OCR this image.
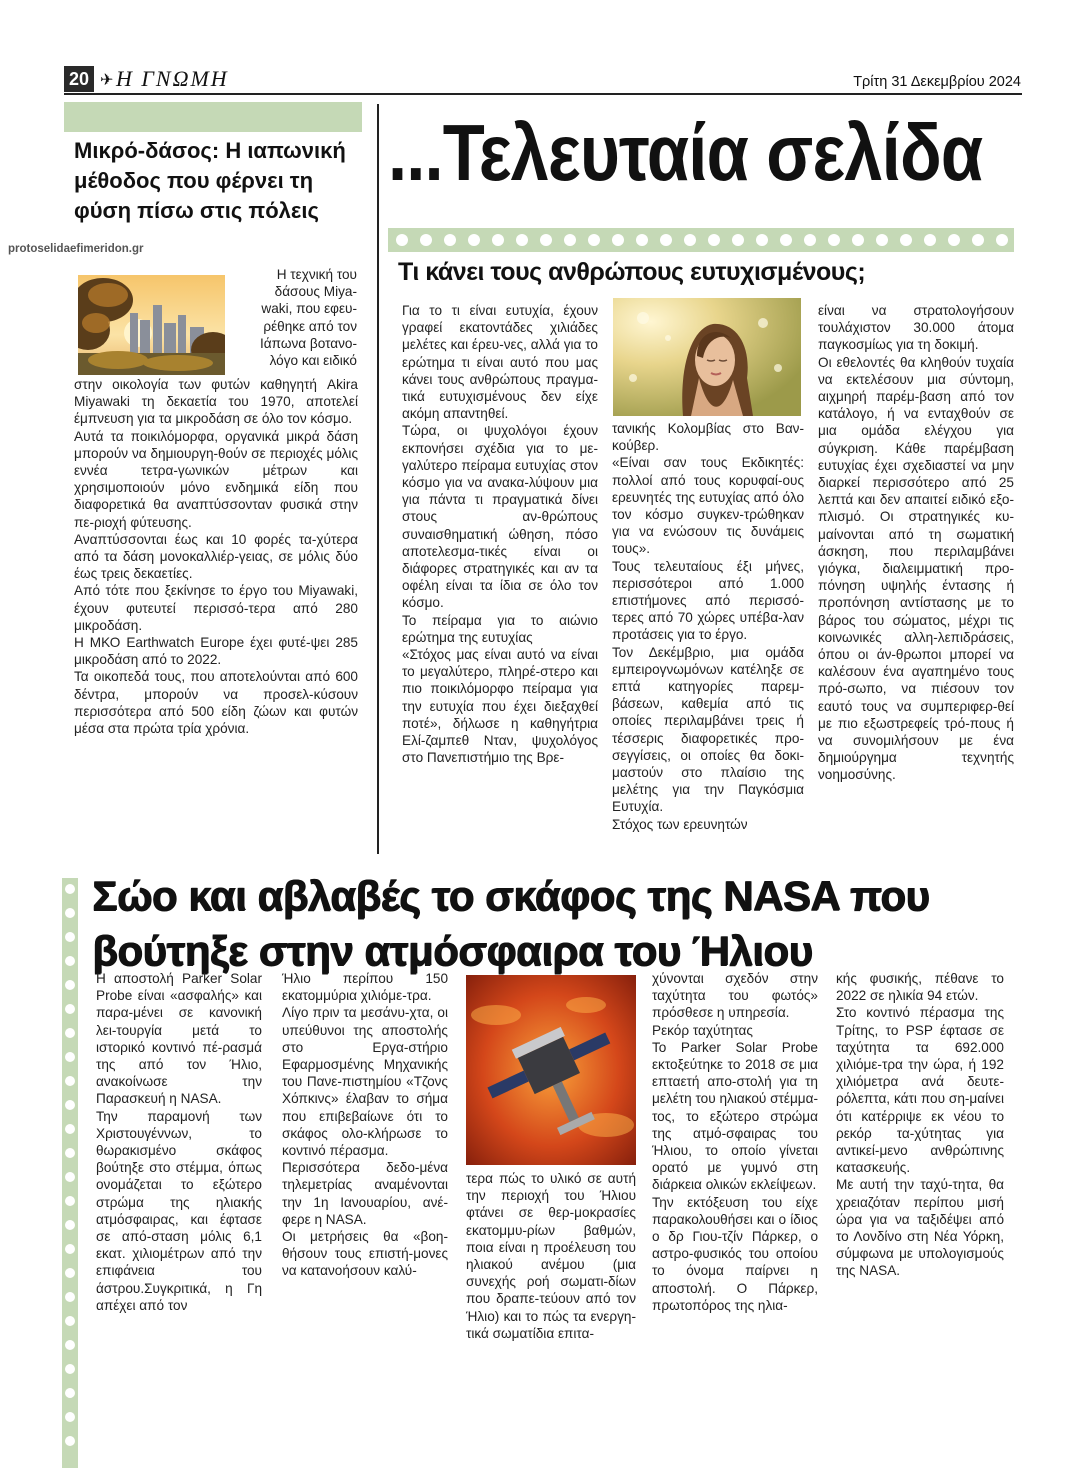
20 ✈ Η ΓΝΩΜΗ	Τρίτη 31 Δεκεμβρίου 2024
Μικρό-δάσος: Η ιαπωνική μέθοδος που φέρνει τη φύση πίσω στις πόλεις
protoselidaefimeridon.gr

Η τεχνική του

δάσους Miya-

waki, που εφευ-

ρέθηκε από τον

Ιάπωνα βοτανο-

λόγο και ειδικό

στην οικολογία των φυτών καθηγητή Akira Miyawaki τη δεκαετία του 1970, αποτελεί έμπνευση για τα μικροδάση σε όλο τον κόσμο.

Αυτά τα ποικιλόμορφα, οργανικά μικρά δάση μπορούν να δημιουργη-θούν σε περιοχές μόλις εννέα τετρα-γωνικών μέτρων και χρησιμοποιούν μόνο ενδημικά είδη που διαφορετικά θα αναπτύσσονταν φυσικά στην πε-ριοχή φύτευσης.

Αναπτύσσονται έως και 10 φορές τα-χύτερα από τα δάση μονοκαλλιέρ-γειας, σε μόλις δύο έως τρεις δεκαετίες.

Από τότε που ξεκίνησε το έργο του Miyawaki, έχουν φυτευτεί περισσό-τερα από 280 μικροδάση.

Η ΜΚΟ Earthwatch Europe έχει φυτέ-ψει 285 μικροδάση από το 2022.

Τα οικοπεδά τους, που αποτελούνται από 600 δέντρα, μπορούν να προσελ-κύσουν περισσότερα από 500 είδη ζώων και φυτών μέσα στα πρώτα τρία χρόνια.

...Τελευταία σελίδα
Τι κάνει τους ανθρώπους ευτυχισμένους;

Για το τι είναι ευτυχία, έχουν γραφεί εκατοντάδες χιλιάδες μελέτες και έρευ-νες, αλλά για το ερώτημα τι είναι αυτό που μας κάνει τους ανθρώπους πραγμα-τικά ευτυχισμένους δεν είχε ακόμη απαντηθεί.

Τώρα, οι ψυχολόγοι έχουν εκπονήσει σχέδια για το με-γαλύτερο πείραμα ευτυχίας στον κόσμο για να ανακα-λύψουν μια για πάντα τι πραγματικά δίνει στους αν-θρώπους συναισθηματική ώθηση, πόσο αποτελεσμα-τικές είναι οι διάφορες στρατηγικές και αν τα οφέλη είναι τα ίδια σε όλο τον κόσμο.

Το πείραμα για το αιώνιο ερώτημα της ευτυχίας

«Στόχος μας είναι αυτό να είναι το μεγαλύτερο, πληρέ-στερο και πιο ποικιλόμορφο πείραμα για την ευτυχία που έχει διεξαχθεί ποτέ», δήλωσε η καθηγήτρια Ελί-ζαμπεθ Νταν, ψυχολόγος στο Πανεπιστήμιο της Βρε-

τανικής Κολομβίας στο Βαν-κούβερ.

«Είναι σαν τους Εκδικητές: πολλοί από τους κορυφαί-ους ερευνητές της ευτυχίας από όλο τον κόσμο συγκεν-τρώθηκαν για να ενώσουν τις δυνάμεις τους».

Τους τελευταίους έξι μήνες, περισσότεροι από 1.000 επιστήμονες από περισσό-τερες από 70 χώρες υπέβα-λαν προτάσεις για το έργο.

Τον Δεκέμβριο, μια ομάδα εμπειρογνωμόνων κατέληξε σε επτά κατηγορίες παρεμ-βάσεων, καθεμία από τις οποίες περιλαμβάνει τρεις ή τέσσερις διαφορετικές προ-σεγγίσεις, οι οποίες θα δοκι-μαστούν στο πλαίσιο της μελέτης για την Παγκόσμια Ευτυχία.

Στόχος των ερευνητών

είναι να στρατολογήσουν τουλάχιστον 30.000 άτομα παγκοσμίως για τη δοκιμή.

Οι εθελοντές θα κληθούν τυχαία να εκτελέσουν μια σύντομη, αιχμηρή παρέμ-βαση από τον κατάλογο, ή να ενταχθούν σε μια ομάδα ελέγχου για σύγκριση. Κάθε παρέμβαση ευτυχίας έχει σχεδιαστεί να μην διαρκεί περισσότερο από 25 λεπτά και δεν απαιτεί ειδικό εξο-πλισμό. Οι στρατηγικές κυ-μαίνονται από τη σωματική άσκηση, που περιλαμβάνει γιόγκα, διαλειμματική προ-πόνηση υψηλής έντασης ή προπόνηση αντίστασης με το βάρος του σώματος, μέχρι τις κοινωνικές αλλη-λεπιδράσεις, όπου οι άν-θρωποι μπορεί να καλέσουν ένα αγαπημένο τους πρό-σωπο, να πιέσουν τον εαυτό τους να συμπεριφερ-θεί με πιο εξωστρεφείς τρό-πους ή να συνομιλήσουν με ένα δημιούργημα τεχνητής νοημοσύνης.

Σώο και αβλαβές το σκάφος της NASA που βούτηξε στην ατμόσφαιρα του Ήλιου

Η αποστολή Parker Solar Probe είναι «ασφαλής» και παρα-μένει σε κανονική λει-τουργία μετά το ιστορικό κοντινό πέ-ρασμά της από τον Ήλιο, ανακοίνωσε την Παρασκευή η NASA.

Την παραμονή των Χριστουγέννων, το θωρακισμένο σκάφος βούτηξε στο στέμμα, όπως ονομάζεται το εξώτερο στρώμα της ηλιακής ατμόσφαιρας, και έφτασε σε από-σταση μόλις 6,1 εκατ. χιλιομέτρων από την επιφάνεια του άστρου.Συγκριτικά, η Γη απέχει από τον

Ήλιο περίπου 150 εκατομμύρια χιλιόμε-τρα.

Λίγο πριν τα μεσάνυ-χτα, οι υπεύθυνοι της αποστολής στο Εργα-στήριο Εφαρμοσμένης Μηχανικής του Πανε-πιστημίου «Τζονς Χόπκινς» έλαβαν το σήμα που επιβεβαίωνε ότι το σκάφος ολο-κλήρωσε το κοντινό πέρασμα.

Περισσότερα δεδο-μένα τηλεμετρίας αναμένονται την 1η Ιανουαρίου, ανέ-φερε η NASA.

Οι μετρήσεις θα «βοη-θήσουν τους επιστή-μονες να κατανοήσουν καλύ-

τερα πώς το υλικό σε αυτή την περιοχή του Ήλιου φτάνει σε θερ-μοκρασίες εκατομμυ-ρίων βαθμών, ποια είναι η προέλευση του ηλιακού ανέμου (μια συνεχής ροή σωματι-δίων που δραπε-τεύουν από τον Ήλιο) και το πώς τα ενεργη-τικά σωματίδια επιτα-

χύνονται σχεδόν στην ταχύτητα του φωτός» πρόσθεσε η υπηρεσία.

Ρεκόρ ταχύτητας

Το Parker Solar Probe εκτοξεύτηκε το 2018 σε μια επταετή απο-στολή για τη μελέτη του ηλιακού στέμμα-τος, το εξώτερο στρώμα της ατμό-σφαιρας του Ήλιου, το οποίο γίνεται ορατό με γυμνό στη διάρκεια ολικών εκλείψεων.

Την εκτόξευση του είχε παρακολουθήσει και ο ίδιος ο δρ Γιου-τζίν Πάρκερ, ο αστρο-φυσικός του οποίου το όνομα παίρνει η αποστολή. Ο Πάρκερ, πρωτοπόρος της ηλια-

κής φυσικής, πέθανε το 2022 σε ηλικία 94 ετών.

Στο κοντινό πέρασμα της Τρίτης, το PSP έφτασε σε ταχύτητα τα 692.000 χιλιόμε-τρα την ώρα, ή 192 χιλιόμετρα ανά δευτε-ρόλεπτα, κάτι που ση-μαίνει ότι κατέρριψε εκ νέου το ρεκόρ τα-χύτητας για αντικεί-μενο ανθρώπινης κατασκευής.

Με αυτή την ταχύ-τητα, θα χρειαζόταν περίπου μισή ώρα για να ταξιδέψει από το Λονδίνο στη Νέα Υόρκη, σύμφωνα με υπολογισμούς της NASA.
